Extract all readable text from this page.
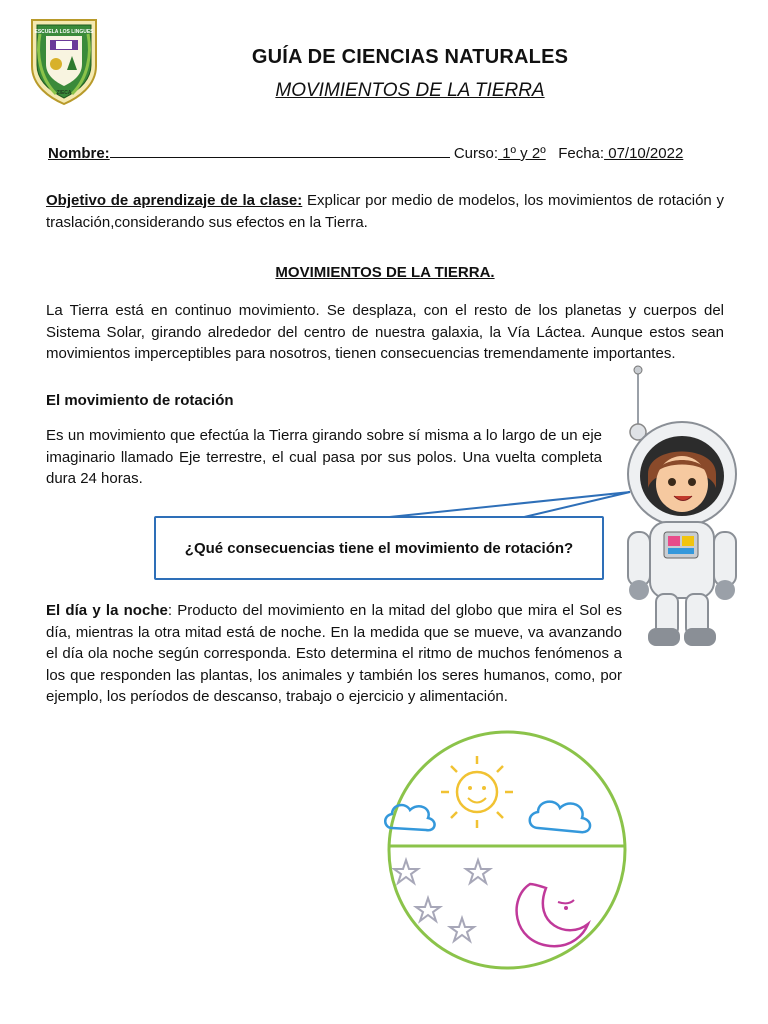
ESCUELA LOS LINGUES
ZIECA
GUÍA DE CIENCIAS NATURALES
MOVIMIENTOS DE LA TIERRA
Nombre:	Curso: 1º y 2º Fecha: 07/10/2022
Objetivo de aprendizaje de la clase: Explicar por medio de modelos, los movimientos de rotación y traslación,considerando sus efectos en la Tierra.
MOVIMIENTOS DE LA TIERRA.
La Tierra está en continuo movimiento. Se desplaza, con el resto de los planetas y cuerpos del Sistema Solar, girando alrededor del centro de nuestra galaxia, la Vía Láctea. Aunque estos sean movimientos imperceptibles para nosotros, tienen consecuencias tremendamente importantes.
El movimiento de rotación
Es un movimiento que efectúa la Tierra girando sobre sí misma a lo largo de un eje imaginario llamado Eje terrestre, el cual pasa por sus polos. Una vuelta completa dura 24 horas.
¿Qué consecuencias tiene el movimiento de rotación?
El día y la noche: Producto del movimiento en la mitad del globo que mira el Sol es día, mientras la otra mitad está de noche. En la medida que se mueve, va avanzando el día ola noche según corresponda. Esto determina el ritmo de muchos fenómenos a los que responden las plantas, los animales y también los seres humanos, como, por ejemplo, los períodos de descanso, trabajo o ejercicio y alimentación.
